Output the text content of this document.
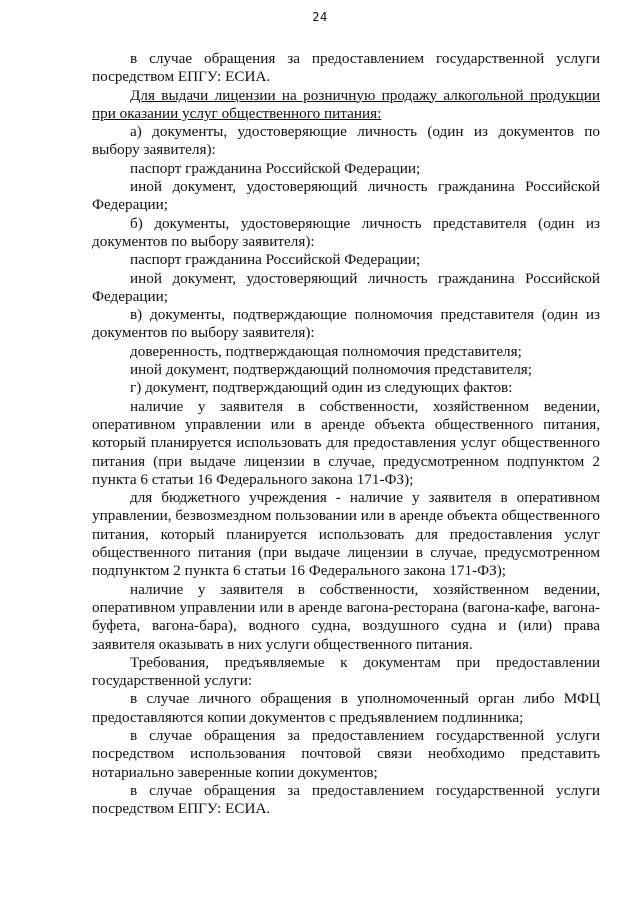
24

в случае обращения за предоставлением государственной услуги посредством ЕПГУ: ЕСИА.

Для выдачи лицензии на розничную продажу алкогольной продукции при оказании услуг общественного питания:

а) документы, удостоверяющие личность (один из документов по выбору заявителя):

паспорт гражданина Российской Федерации;

иной документ, удостоверяющий личность гражданина Российской Федерации;

б) документы, удостоверяющие личность представителя (один из документов по выбору заявителя):

паспорт гражданина Российской Федерации;

иной документ, удостоверяющий личность гражданина Российской Федерации;

в) документы, подтверждающие полномочия представителя (один из документов по выбору заявителя):

доверенность, подтверждающая полномочия представителя;

иной документ, подтверждающий полномочия представителя;

г) документ, подтверждающий один из следующих фактов:

наличие у заявителя в собственности, хозяйственном ведении, оперативном управлении или в аренде объекта общественного питания, который планируется использовать для предоставления услуг общественного питания (при выдаче лицензии в случае, предусмотренном подпунктом 2 пункта 6 статьи 16 Федерального закона 171-ФЗ);

для бюджетного учреждения - наличие у заявителя в оперативном управлении, безвозмездном пользовании или в аренде объекта общественного питания, который планируется использовать для предоставления услуг общественного питания (при выдаче лицензии в случае, предусмотренном подпунктом 2 пункта 6 статьи 16 Федерального закона 171-ФЗ);

наличие у заявителя в собственности, хозяйственном ведении, оперативном управлении или в аренде вагона-ресторана (вагона-кафе, вагона-буфета, вагона-бара), водного судна, воздушного судна и (или) права заявителя оказывать в них услуги общественного питания.

Требования, предъявляемые к документам при предоставлении государственной услуги:

в случае личного обращения в уполномоченный орган либо МФЦ предоставляются копии документов с предъявлением подлинника;

в случае обращения за предоставлением государственной услуги посредством использования почтовой связи необходимо представить нотариально заверенные копии документов;

в случае обращения за предоставлением государственной услуги посредством ЕПГУ: ЕСИА.
